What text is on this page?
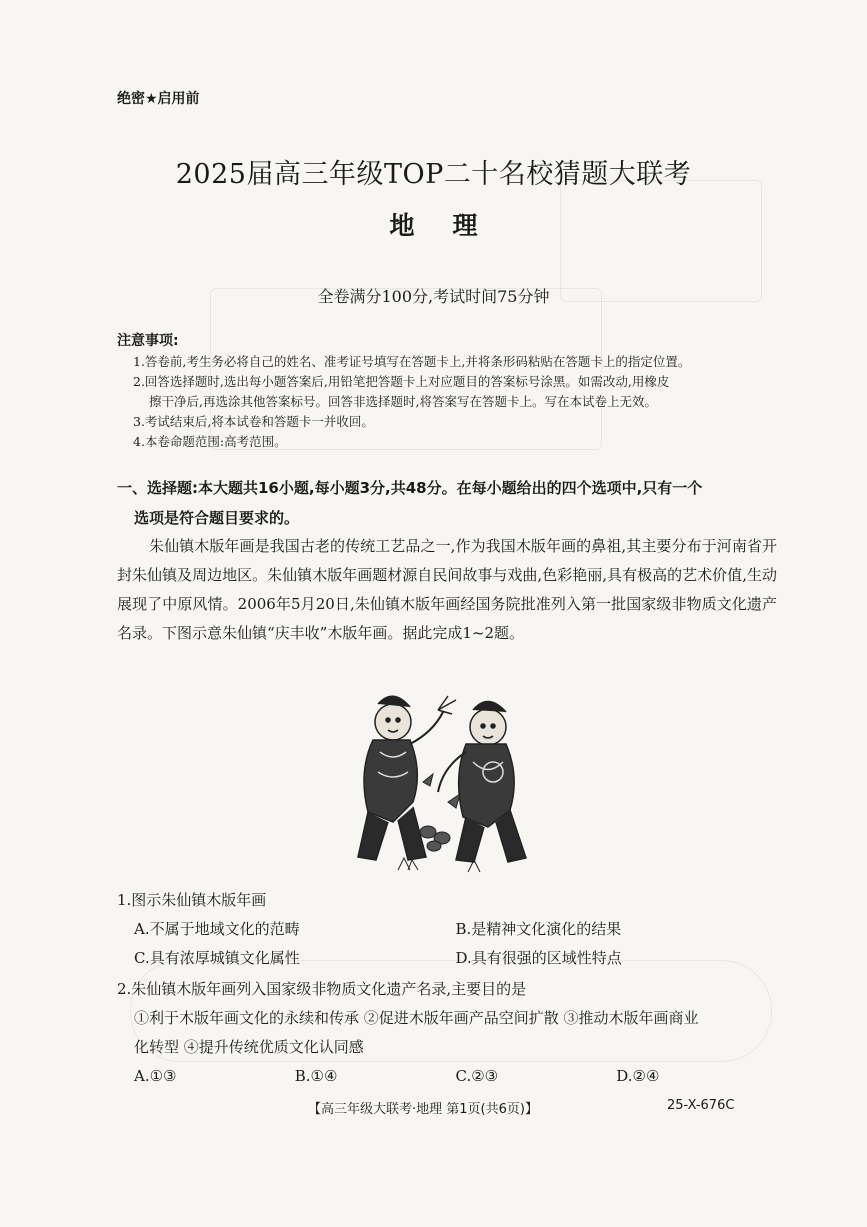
绝密★启用前
2025届高三年级TOP二十名校猜题大联考
地理
全卷满分100分,考试时间75分钟
注意事项:

1.答卷前,考生务必将自己的姓名、准考证号填写在答题卡上,并将条形码粘贴在答题卡上的指定位置。

2.回答选择题时,选出每小题答案后,用铅笔把答题卡上对应题目的答案标号涂黑。如需改动,用橡皮

擦干净后,再选涂其他答案标号。回答非选择题时,将答案写在答题卡上。写在本试卷上无效。

3.考试结束后,将本试卷和答题卡一并收回。

4.本卷命题范围:高考范围。

一、选择题:本大题共16小题,每小题3分,共48分。在每小题给出的四个选项中,只有一个
选项是符合题目要求的。

朱仙镇木版年画是我国古老的传统工艺品之一,作为我国木版年画的鼻祖,其主要分布于河南省开封朱仙镇及周边地区。朱仙镇木版年画题材源自民间故事与戏曲,色彩艳丽,具有极高的艺术价值,生动展现了中原风情。2006年5月20日,朱仙镇木版年画经国务院批准列入第一批国家级非物质文化遗产名录。下图示意朱仙镇“庆丰收”木版年画。据此完成1~2题。

1.图示朱仙镇木版年画
A.不属于地域文化的范畴	B.是精神文化演化的结果
C.具有浓厚城镇文化属性	D.具有很强的区域性特点
2.朱仙镇木版年画列入国家级非物质文化遗产名录,主要目的是
①利于木版年画文化的永续和传承 ②促进木版年画产品空间扩散 ③推动木版年画商业
化转型 ④提升传统优质文化认同感
A.①③	B.①④	C.②③	D.②④
【高三年级大联考·地理 第1页(共6页)】	25-X-676C
